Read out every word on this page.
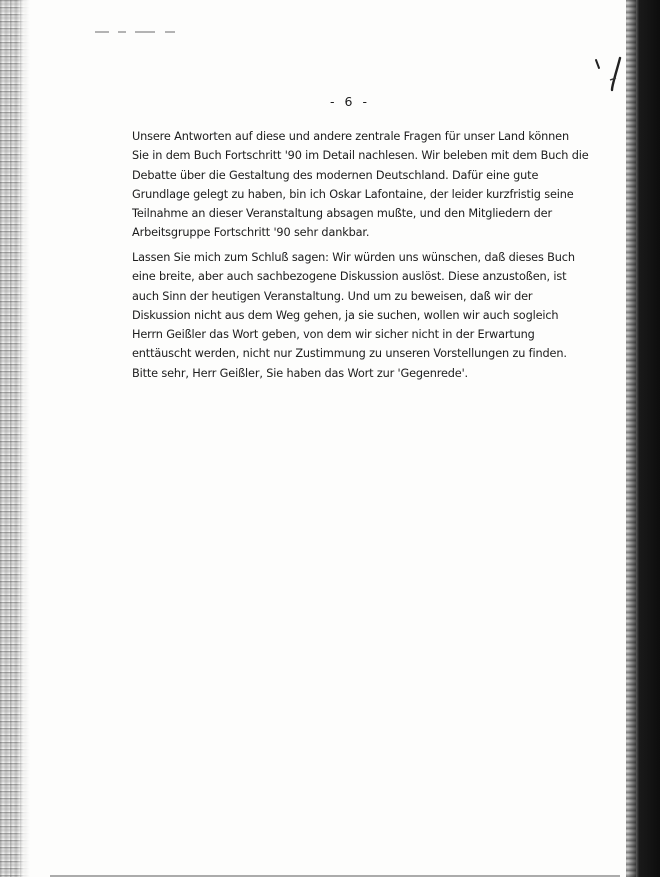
- 6 -

Unsere Antworten auf diese und andere zentrale Fragen für unser Land können
Sie in dem Buch Fortschritt '90 im Detail nachlesen. Wir beleben mit dem Buch die
Debatte über die Gestaltung des modernen Deutschland. Dafür eine gute
Grundlage gelegt zu haben, bin ich Oskar Lafontaine, der leider kurzfristig seine
Teilnahme an dieser Veranstaltung absagen mußte, und den Mitgliedern der
Arbeitsgruppe Fortschritt '90 sehr dankbar.

Lassen Sie mich zum Schluß sagen: Wir würden uns wünschen, daß dieses Buch
eine breite, aber auch sachbezogene Diskussion auslöst. Diese anzustoßen, ist
auch Sinn der heutigen Veranstaltung. Und um zu beweisen, daß wir der
Diskussion nicht aus dem Weg gehen, ja sie suchen, wollen wir auch sogleich
Herrn Geißler das Wort geben, von dem wir sicher nicht in der Erwartung
enttäuscht werden, nicht nur Zustimmung zu unseren Vorstellungen zu finden.
Bitte sehr, Herr Geißler, Sie haben das Wort zur 'Gegenrede'.
